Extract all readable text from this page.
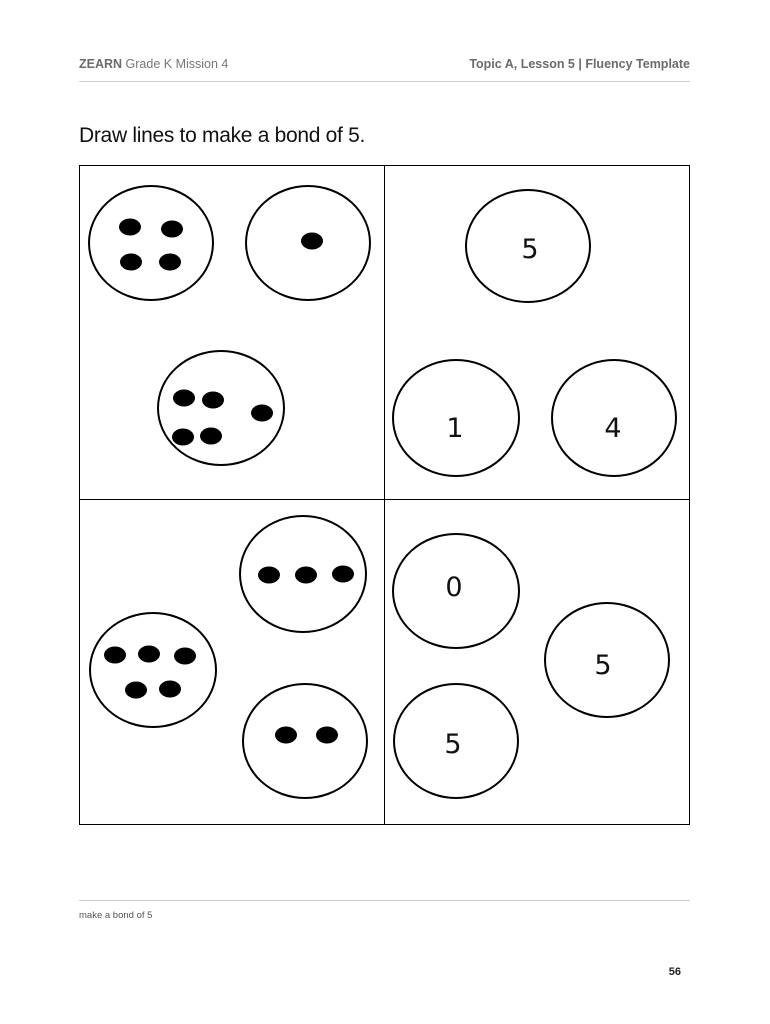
ZEARN Grade K Mission 4	Topic A, Lesson 5 | Fluency Template
Draw lines to make a bond of 5.
5
1	4
0
5
5
make a bond of 5
56
